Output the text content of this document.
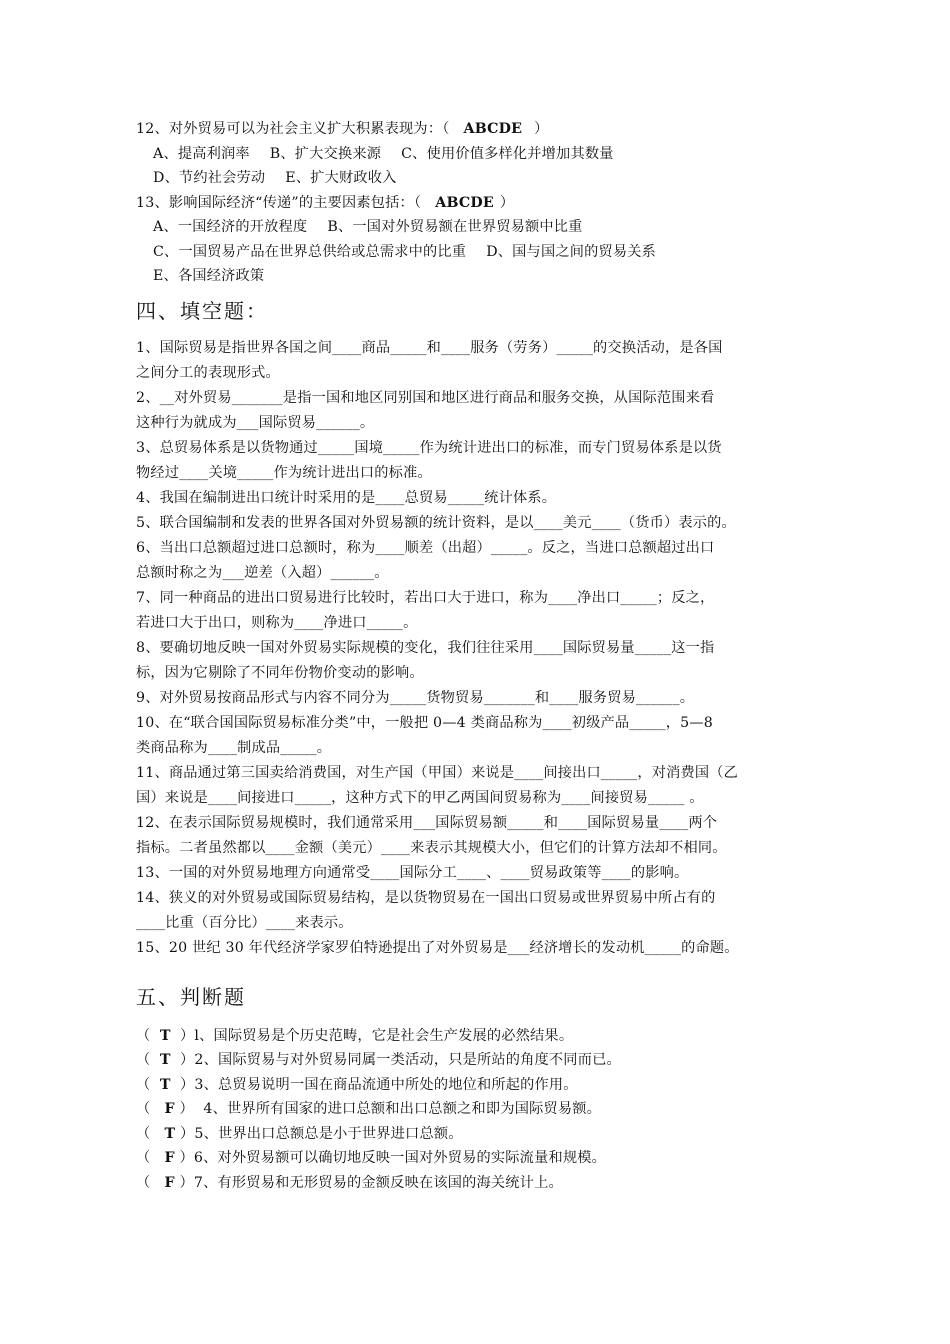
12、对外贸易可以为社会主义扩大积累表现为：（ ABCDE ）
A、提高利润率 B、扩大交换来源 C、使用价值多样化并增加其数量
D、节约社会劳动 E、扩大财政收入
13、影响国际经济“传递”的主要因素包括：（ ABCDE ）
A、一国经济的开放程度 B、一国对外贸易额在世界贸易额中比重
C、一国贸易产品在世界总供给或总需求中的比重 D、国与国之间的贸易关系
E、各国经济政策
四、填空题：
1、国际贸易是指世界各国之间____商品_____和____服务（劳务）_____的交换活动，是各国
之间分工的表现形式。
2、__对外贸易_______是指一国和地区同别国和地区进行商品和服务交换，从国际范围来看
这种行为就成为___国际贸易______。
3、总贸易体系是以货物通过_____国境_____作为统计进出口的标准，而专门贸易体系是以货
物经过____关境_____作为统计进出口的标准。
4、我国在编制进出口统计时采用的是____总贸易_____统计体系。
5、联合国编制和发表的世界各国对外贸易额的统计资料，是以____美元____（货币）表示的。
6、当出口总额超过进口总额时，称为____顺差（出超）_____。反之，当进口总额超过出口
总额时称之为___逆差（入超）______。
7、同一种商品的进出口贸易进行比较时，若出口大于进口，称为____净出口_____；反之，
若进口大于出口，则称为____净进口_____。
8、要确切地反映一国对外贸易实际规模的变化，我们往往采用____国际贸易量_____这一指
标，因为它剔除了不同年份物价变动的影响。
9、对外贸易按商品形式与内容不同分为_____货物贸易_______和____服务贸易______。
10、在“联合国国际贸易标准分类”中，一般把 0—4 类商品称为____初级产品_____，5—8
类商品称为____制成品_____。
11、商品通过第三国卖给消费国，对生产国（甲国）来说是____间接出口_____，对消费国（乙
国）来说是____间接进口_____，这种方式下的甲乙两国间贸易称为____间接贸易_____ 。
12、在表示国际贸易规模时，我们通常采用___国际贸易额_____和____国际贸易量____两个
指标。二者虽然都以____金额（美元）____来表示其规模大小，但它们的计算方法却不相同。
13、一国的对外贸易地理方向通常受____国际分工____、____贸易政策等____的影响。
14、狭义的对外贸易或国际贸易结构，是以货物贸易在一国出口贸易或世界贸易中所占有的
____比重（百分比）____来表示。
15、20 世纪 30 年代经济学家罗伯特逊提出了对外贸易是___经济增长的发动机_____的命题。
五、判断题
（  T  ）l、国际贸易是个历史范畴，它是社会生产发展的必然结果。
（  T  ）2、国际贸易与对外贸易同属一类活动，只是所站的角度不同而已。
（  T  ）3、总贸易说明一国在商品流通中所处的地位和所起的作用。
（   F ）  4、世界所有国家的进口总额和出口总额之和即为国际贸易额。
（   T ）5、世界出口总额总是小于世界进口总额。
（   F ）6、对外贸易额可以确切地反映一国对外贸易的实际流量和规模。
（   F ）7、有形贸易和无形贸易的金额反映在该国的海关统计上。
